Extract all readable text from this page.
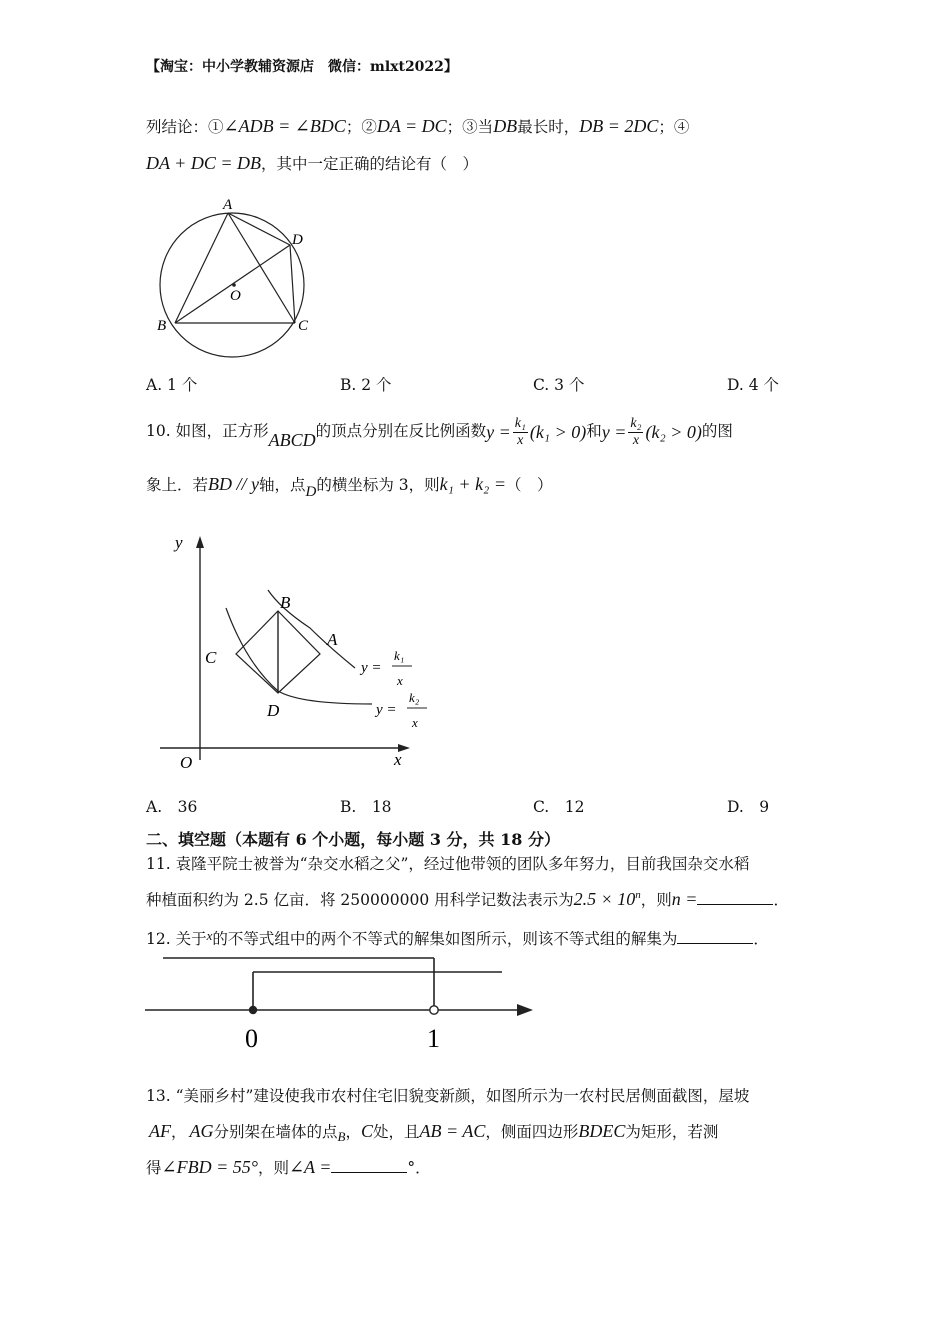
【淘宝：中小学教辅资源店　微信：mlxt2022】
列结论：①∠ADB = ∠BDC；②DA = DC；③当DB最长时，DB = 2DC；④
DA + DC = DB，其中一定正确的结论有（　）
A
D
O
B	C
A. 1 个	B. 2 个	C. 3 个	D. 4 个
10. 如图，正方形 ABCD 的顶点分别在反比例函数 $y = \frac{\text{k₁}}{x} (k_1 > 0)$ 和 $y = \frac{\text{k₂}}{x} (k_2 > 0)$ 的图
象上．若 BD // y 轴，点 D 的横坐标为 3，则 k₁ + k₂ = （　）
y
x
O
B
A
C
D
y =
k₁
x
y =
k₂
x
A.　36	B.　18	C.　12	D.　9
二、填空题（本题有 6 个小题，每小题 3 分，共 18 分）
11. 袁隆平院士被誉为“杂交水稻之父”，经过他带领的团队多年努力，目前我国杂交水稻
种植面积约为 2.5 亿亩．将 250000000 用科学记数法表示为 $2.5 \times 10^n$ ，则 n =	．
12. 关于 x 的不等式组中的两个不等式的解集如图所示，则该不等式组的解集为	．
0	1
13. “美丽乡村”建设使我市农村住宅旧貌变新颜，如图所示为一农村民居侧面截图，屋坡
AF ， AG 分别架在墙体的点 B ， C 处，且 AB = AC ，侧面四边形 BDEC 为矩形，若测
得 ∠FBD = 55° ，则 ∠A =	°．
